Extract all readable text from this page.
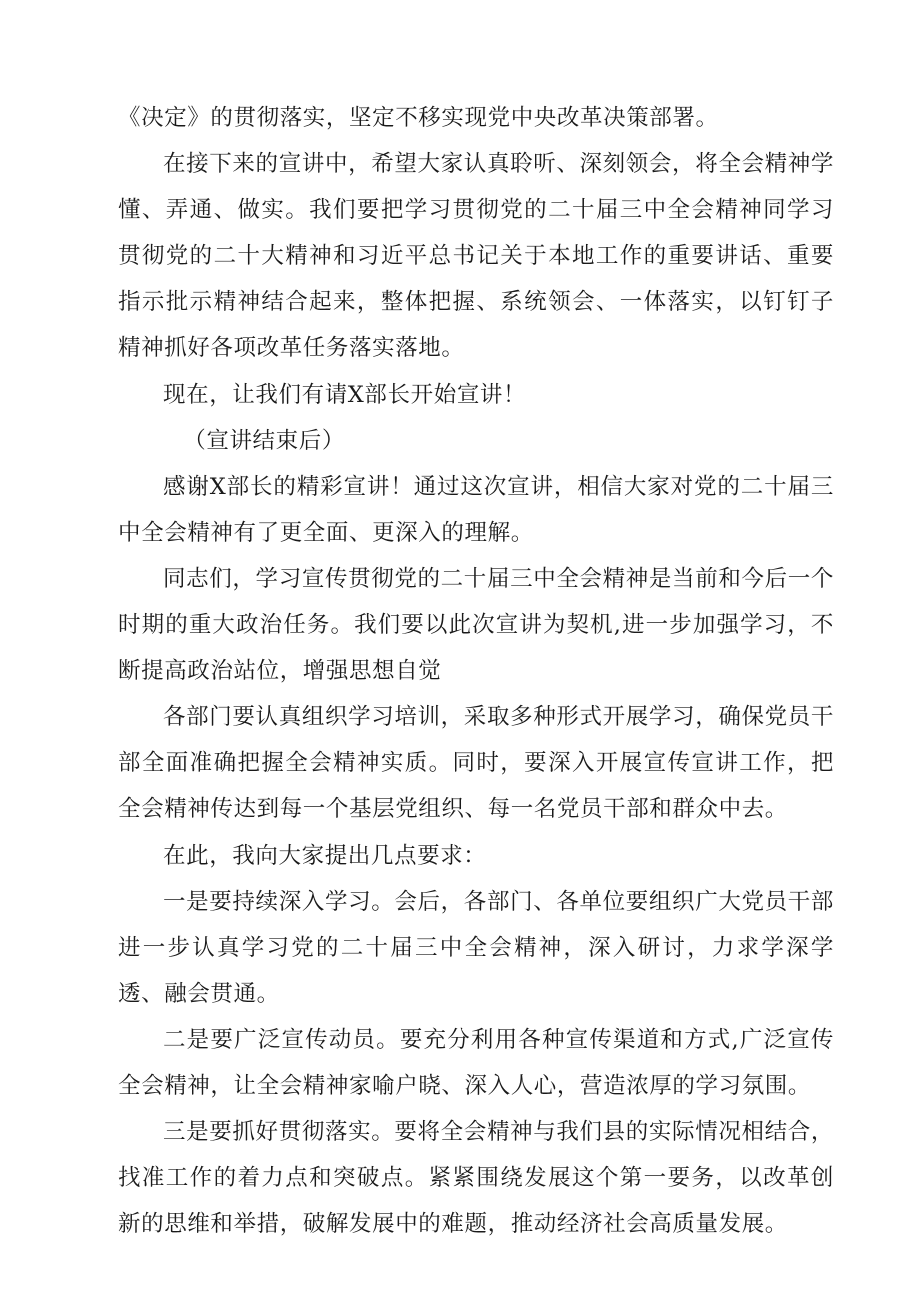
《决定》的贯彻落实，坚定不移实现党中央改革决策部署。

在接下来的宣讲中，希望大家认真聆听、深刻领会，将全会精神学懂、弄通、做实。我们要把学习贯彻党的二十届三中全会精神同学习贯彻党的二十大精神和习近平总书记关于本地工作的重要讲话、重要指示批示精神结合起来，整体把握、系统领会、一体落实，以钉钉子精神抓好各项改革任务落实落地。

现在，让我们有请X部长开始宣讲！

（宣讲结束后）

感谢X部长的精彩宣讲！通过这次宣讲，相信大家对党的二十届三中全会精神有了更全面、更深入的理解。

同志们，学习宣传贯彻党的二十届三中全会精神是当前和今后一个时期的重大政治任务。我们要以此次宣讲为契机,进一步加强学习，不断提高政治站位，增强思想自觉

各部门要认真组织学习培训，采取多种形式开展学习，确保党员干部全面准确把握全会精神实质。同时，要深入开展宣传宣讲工作，把全会精神传达到每一个基层党组织、每一名党员干部和群众中去。

在此，我向大家提出几点要求：

一是要持续深入学习。会后，各部门、各单位要组织广大党员干部进一步认真学习党的二十届三中全会精神，深入研讨，力求学深学透、融会贯通。

二是要广泛宣传动员。要充分利用各种宣传渠道和方式,广泛宣传全会精神，让全会精神家喻户晓、深入人心，营造浓厚的学习氛围。

三是要抓好贯彻落实。要将全会精神与我们县的实际情况相结合，找准工作的着力点和突破点。紧紧围绕发展这个第一要务，以改革创新的思维和举措，破解发展中的难题，推动经济社会高质量发展。
